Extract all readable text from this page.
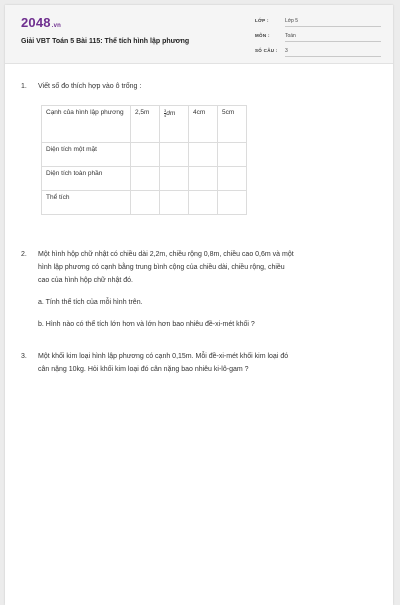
2048.vn
Giải VBT Toán 5 Bài 115: Thể tích hình lập phương
LỚP :	Lớp 5
MÔN :	Toán
SỐ CÂU : 3
1. Viết số đo thích hợp vào ô trống :
Cạnh của hình lập phương	2,5m	$\frac{3}{4}$ dm	4cm	5cm
Diện tích một mặt				
Diện tích toàn phần				
Thể tích				
2. Một hình hộp chữ nhật có chiều dài 2,2m, chiều rộng 0,8m, chiều cao 0,6m và một
hình lập phương có cạnh bằng trung bình cộng của chiều dài, chiều rộng, chiều
cao của hình hộp chữ nhật đó.
a. Tính thể tích của mỗi hình trên.
b. Hình nào có thể tích lớn hơn và lớn hơn bao nhiêu đề-xi-mét khối ?
3. Một khối kim loại hình lập phương có cạnh 0,15m. Mỗi đề-xi-mét khối kim loại đó
cân nặng 10kg. Hỏi khối kim loại đó cân nặng bao nhiêu ki-lô-gam ?
